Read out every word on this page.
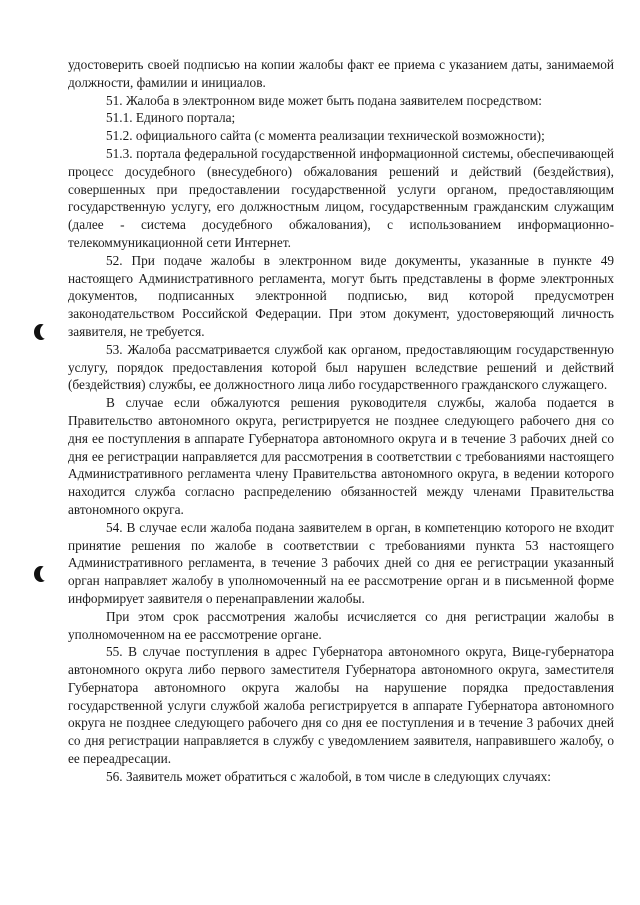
удостоверить своей подписью на копии жалобы факт ее приема с указанием даты, занимаемой должности, фамилии и инициалов.

51. Жалоба в электронном виде может быть подана заявителем посредством:

51.1. Единого портала;

51.2. официального сайта (с момента реализации технической возможности);

51.3. портала федеральной государственной информационной системы, обеспечивающей процесс досудебного (внесудебного) обжалования решений и действий (бездействия), совершенных при предоставлении государственной услуги органом, предоставляющим государственную услугу, его должностным лицом, государственным гражданским служащим (далее - система досудебного обжалования), с использованием информационно-телекоммуникационной сети Интернет.

52. При подаче жалобы в электронном виде документы, указанные в пункте 49 настоящего Административного регламента, могут быть представлены в форме электронных документов, подписанных электронной подписью, вид которой предусмотрен законодательством Российской Федерации. При этом документ, удостоверяющий личность заявителя, не требуется.

53. Жалоба рассматривается службой как органом, предоставляющим государственную услугу, порядок предоставления которой был нарушен вследствие решений и действий (бездействия) службы, ее должностного лица либо государственного гражданского служащего.

В случае если обжалуются решения руководителя службы, жалоба подается в Правительство автономного округа, регистрируется не позднее следующего рабочего дня со дня ее поступления в аппарате Губернатора автономного округа и в течение 3 рабочих дней со дня ее регистрации направляется для рассмотрения в соответствии с требованиями настоящего Административного регламента члену Правительства автономного округа, в ведении которого находится служба согласно распределению обязанностей между членами Правительства автономного округа.

54. В случае если жалоба подана заявителем в орган, в компетенцию которого не входит принятие решения по жалобе в соответствии с требованиями пункта 53 настоящего Административного регламента, в течение 3 рабочих дней со дня ее регистрации указанный орган направляет жалобу в уполномоченный на ее рассмотрение орган и в письменной форме информирует заявителя о перенаправлении жалобы.

При этом срок рассмотрения жалобы исчисляется со дня регистрации жалобы в уполномоченном на ее рассмотрение органе.

55. В случае поступления в адрес Губернатора автономного округа, Вице-губернатора автономного округа либо первого заместителя Губернатора автономного округа, заместителя Губернатора автономного округа жалобы на нарушение порядка предоставления государственной услуги службой жалоба регистрируется в аппарате Губернатора автономного округа не позднее следующего рабочего дня со дня ее поступления и в течение 3 рабочих дней со дня регистрации направляется в службу с уведомлением заявителя, направившего жалобу, о ее переадресации.

56. Заявитель может обратиться с жалобой, в том числе в следующих случаях:
